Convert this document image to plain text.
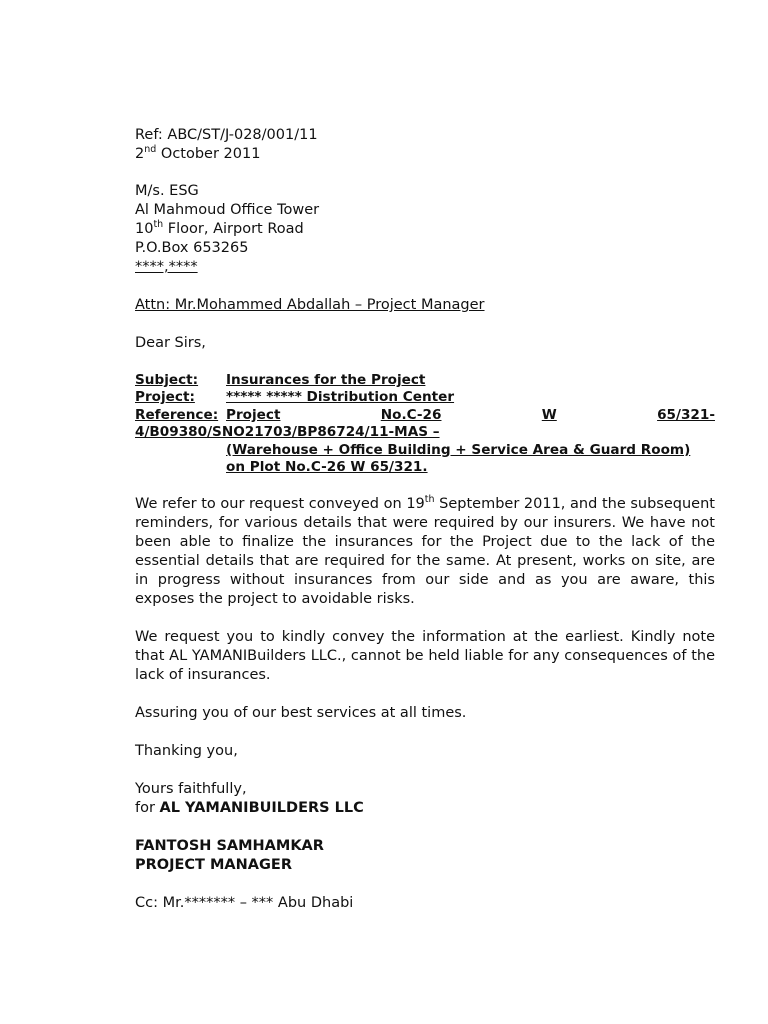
Ref: ABC/ST/J-028/001/11
2nd October 2011
M/s. ESG
Al Mahmoud Office Tower
10th Floor, Airport Road
P.O.Box 653265
****,****
Attn: Mr.Mohammed Abdallah – Project Manager
Dear Sirs,
Subject:	Insurances for the Project
Project:	***** ***** Distribution Center
Reference: Project	No.C-26	W	65/321-
4/B09380/SNO21703/BP86724/11-MAS –
(Warehouse + Office Building + Service Area & Guard Room)
on Plot No.C-26 W 65/321.
We refer to our request conveyed on 19th September 2011, and the subsequent reminders, for various details that were required by our insurers. We have not been able to finalize the insurances for the Project due to the lack of the essential details that are required for the same. At present, works on site, are in progress without insurances from our side and as you are aware, this exposes the project to avoidable risks.
We request you to kindly convey the information at the earliest. Kindly note that AL YAMANIBuilders LLC., cannot be held liable for any consequences of the lack of insurances.
Assuring you of our best services at all times.
Thanking you,
Yours faithfully,
for AL YAMANIBUILDERS LLC
FANTOSH SAMHAMKAR
PROJECT MANAGER
Cc: Mr.******* – *** Abu Dhabi
